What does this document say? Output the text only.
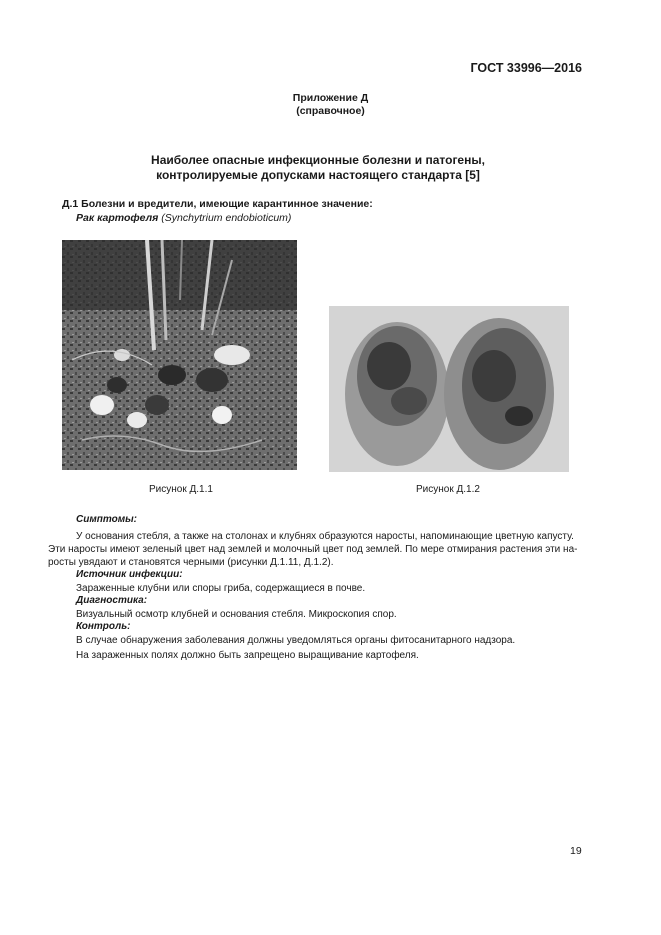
ГОСТ 33996—2016
Приложение Д
(справочное)
Наиболее опасные инфекционные болезни и патогены,
контролируемые допусками настоящего стандарта [5]
Д.1 Болезни и вредители, имеющие карантинное значение:
Рак картофеля (Synchytrium endobioticum)
Рисунок Д.1.1	Рисунок Д.1.2
Симптомы:
У основания стебля, а также на столонах и клубнях образуются наросты, напоминающие цветную капусту.
Эти наросты имеют зеленый цвет над землей и молочный цвет под землей. По мере отмирания растения эти на-
росты увядают и становятся черными (рисунки Д.1.11, Д.1.2).
Источник инфекции:
Зараженные клубни или споры гриба, содержащиеся в почве.
Диагностика:
Визуальный осмотр клубней и основания стебля. Микроскопия спор.
Контроль:
В случае обнаружения заболевания должны уведомляться органы фитосанитарного надзора.
На зараженных полях должно быть запрещено выращивание картофеля.
19
